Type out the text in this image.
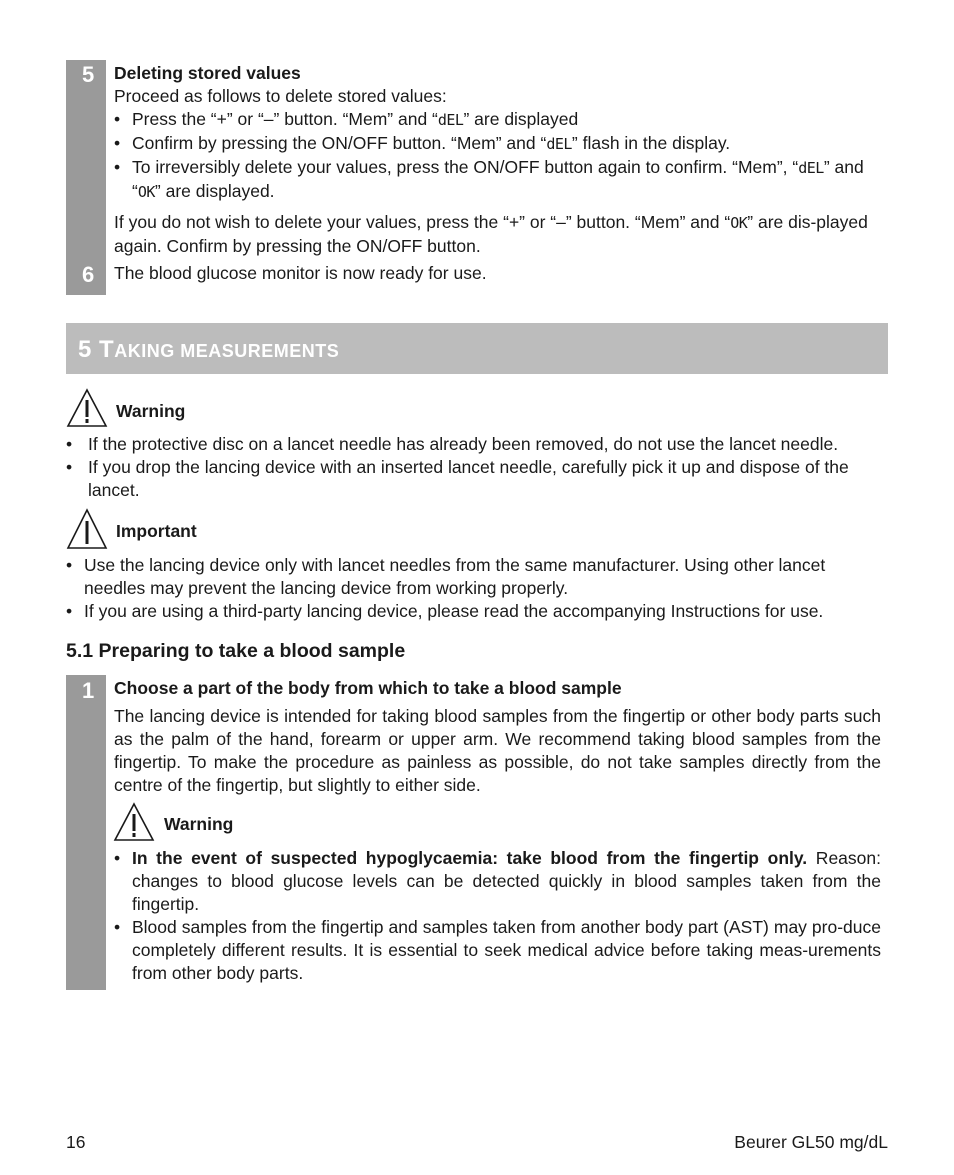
5
6

Deleting stored values

Proceed as follows to delete stored values:

• Press the “+” or “–” button. “Mem” and “dEL” are displayed
• Confirm by pressing the ON/OFF button. “Mem” and “dEL” flash in the display.
• To irreversibly delete your values, press the ON/OFF button again to confirm. “Mem”, “dEL” and “OK” are displayed.

If you do not wish to delete your values, press the “+” or “–” button. “Mem” and “OK” are dis-played again. Confirm by pressing the ON/OFF button.

The blood glucose monitor is now ready for use.
5 TAKING MEASUREMENTS
Warning
• If the protective disc on a lancet needle has already been removed, do not use the lancet needle.
• If you drop the lancing device with an inserted lancet needle, carefully pick it up and dispose of the lancet.
Important
• Use the lancing device only with lancet needles from the same manufacturer. Using other lancet needles may prevent the lancing device from working properly.
• If you are using a third-party lancing device, please read the accompanying Instructions for use.
5.1 Preparing to take a blood sample
1 Choose a part of the body from which to take a blood sample

The lancing device is intended for taking blood samples from the fingertip or other body parts such as the palm of the hand, forearm or upper arm. We recommend taking blood samples from the fingertip. To make the procedure as painless as possible, do not take samples directly from the centre of the fingertip, but slightly to either side.

Warning
• In the event of suspected hypoglycaemia: take blood from the fingertip only. Reason: changes to blood glucose levels can be detected quickly in blood samples taken from the fingertip.
• Blood samples from the fingertip and samples taken from another body part (AST) may pro-duce completely different results. It is essential to seek medical advice before taking meas-urements from other body parts.
16	Beurer GL50 mg/dL
